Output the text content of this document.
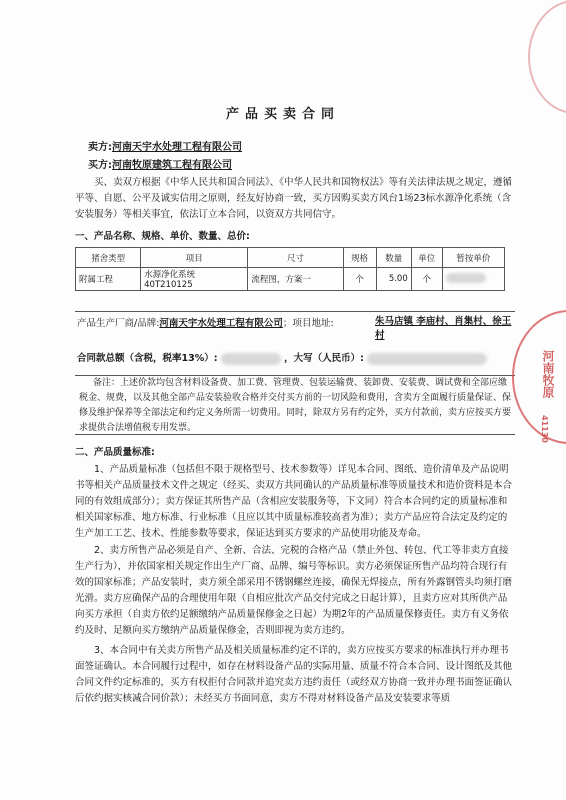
产品买卖合同
卖方:河南天宇水处理工程有限公司
买方:河南牧原建筑工程有限公司

买、卖双方根据《中华人民共和国合同法》、《中华人民共和国物权法》等有关法律法规之规定，遵循平等、自愿、公平及诚实信用之原则，经友好协商一致，买方因购买卖方风台1场23标水源净化系统（含安装服务）等相关事宜，依法订立本合同，以资双方共同信守。

一、产品名称、规格、单价、数量、总价:
猪舍类型	项目	尺寸	规格	数量	单位	暂按单价
附属工程	水源净化系统 40T210125	流程图，方案一	个	5.00	个	
产品生产厂商/品牌:河南天宇水处理工程有限公司；项目地址:	朱马店镇 李庙村、肖集村、徐王村
合同款总额（含税，税率13%）:	，大写（人民币）:

备注：上述价款均包含材料设备费、加工费、管理费、包装运输费、装卸费、安装费、调试费和全部应缴税金、规费，以及其他全部产品安装验收合格并交付买方前的一切风险和费用，含卖方全面履行质量保证、保修及维护保养等全部法定和约定义务所需一切费用。同时，除双方另有约定外，买方付款前，卖方应按买方要求提供合法增值税专用发票。

河南牧原
41130
二、产品质量标准:

1、产品质量标准（包括但不限于规格型号、技术参数等）详见本合同、图纸、造价清单及产品说明书等相关产品质量技术文件之规定（经买、卖双方共同确认的产品质量标准等质量技术和造价资料是本合同的有效组成部分）；卖方保证其所售产品（含相应安装服务等，下文同）符合本合同约定的质量标准和相关国家标准、地方标准、行业标准（且应以其中质量标准较高者为准）；卖方产品应符合法定及约定的生产加工工艺、技术、性能参数等要求，保证达到买方要求的产品使用功能及寿命。

2、卖方所售产品必须是自产、全新、合法、完税的合格产品（禁止外包、转包、代工等非卖方直接生产行为），并依国家相关规定作出生产厂商、品牌、编号等标识。卖方必须保证所售产品均符合现行有效的国家标准；产品安装时，卖方须全部采用不锈钢螺丝连接，确保无焊接点，所有外露钢管头均须打磨光滑。卖方应确保产品的合理使用年限（自相应批次产品交付完成之日起计算），且卖方应对其所供产品向买方承担（自卖方依约足额缴纳产品质量保修金之日起）为期2年的产品质量保修责任。卖方有义务依约及时、足额向买方缴纳产品质量保修金，否则即视为卖方违约。

3、本合同中有关卖方所售产品及相关质量标准约定不详的，卖方应按买方要求的标准执行并办理书面签证确认。本合同履行过程中，如存在材料设备产品的实际用量、质量不符合本合同、设计图纸及其他合同文件约定标准的，买方有权拒付合同款并追究卖方违约责任（或经双方协商一致并办理书面签证确认后依约据实核减合同价款）；未经买方书面同意，卖方不得对材料设备产品及安装要求等质
